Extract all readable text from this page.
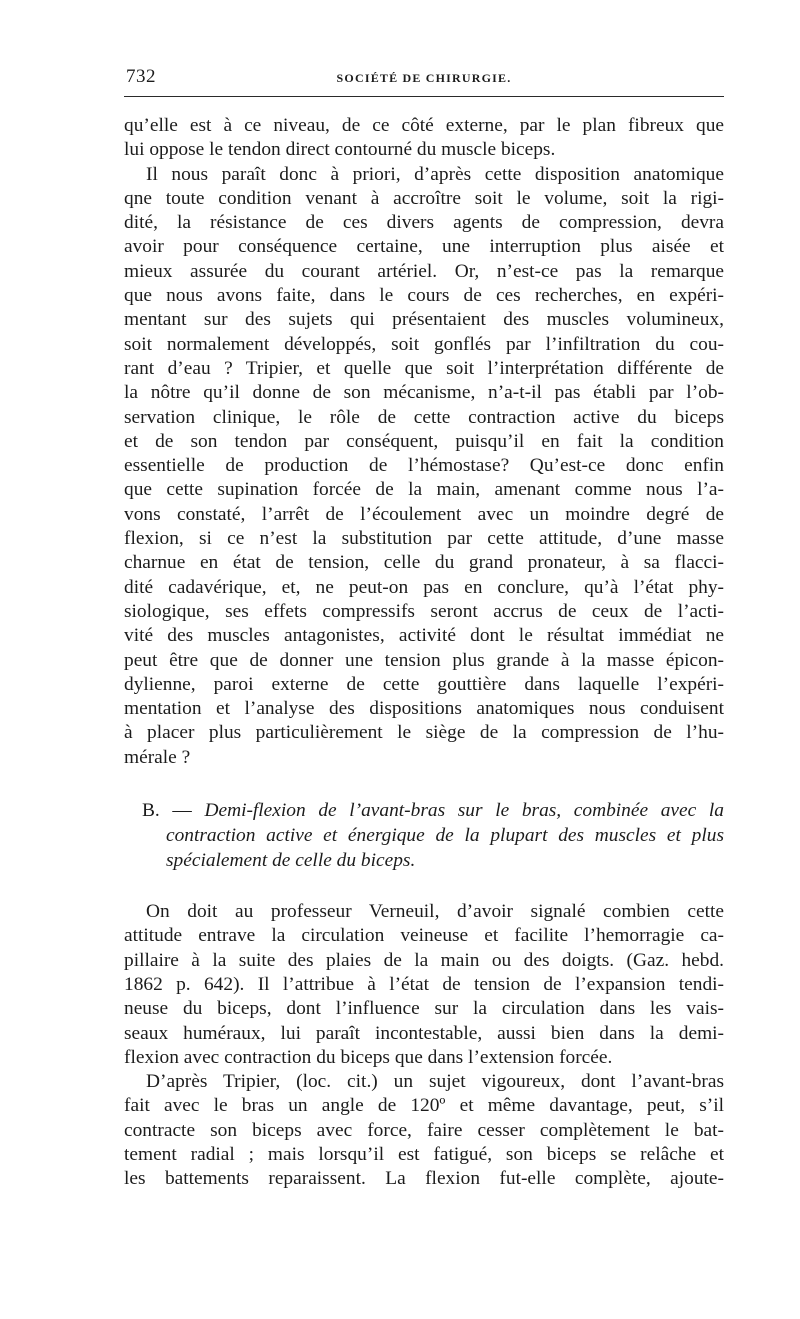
732	SOCIÉTÉ DE CHIRURGIE.
qu’elle est à ce niveau, de ce côté externe, par le plan fibreux que
lui oppose le tendon direct contourné du muscle biceps.
Il nous paraît donc à priori, d’après cette disposition anatomique
qne toute condition venant à accroître soit le volume, soit la rigi-
dité, la résistance de ces divers agents de compression, devra
avoir pour conséquence certaine, une interruption plus aisée et
mieux assurée du courant artériel. Or, n’est-ce pas la remarque
que nous avons faite, dans le cours de ces recherches, en expéri-
mentant sur des sujets qui présentaient des muscles volumineux,
soit normalement développés, soit gonflés par l’infiltration du cou-
rant d’eau ? Tripier, et quelle que soit l’interprétation différente de
la nôtre qu’il donne de son mécanisme, n’a-t-il pas établi par l’ob-
servation clinique, le rôle de cette contraction active du biceps
et de son tendon par conséquent, puisqu’il en fait la condition
essentielle de production de l’hémostase? Qu’est-ce donc enfin
que cette supination forcée de la main, amenant comme nous l’a-
vons constaté, l’arrêt de l’écoulement avec un moindre degré de
flexion, si ce n’est la substitution par cette attitude, d’une masse
charnue en état de tension, celle du grand pronateur, à sa flacci-
dité cadavérique, et, ne peut-on pas en conclure, qu’à l’état phy-
siologique, ses effets compressifs seront accrus de ceux de l’acti-
vité des muscles antagonistes, activité dont le résultat immédiat ne
peut être que de donner une tension plus grande à la masse épicon-
dylienne, paroi externe de cette gouttière dans laquelle l’expéri-
mentation et l’analyse des dispositions anatomiques nous conduisent
à placer plus particulièrement le siège de la compression de l’hu-
mérale ?
B. — Demi-flexion de l’avant-bras sur le bras, combinée avec la
contraction active et énergique de la plupart des muscles et plus
spécialement de celle du biceps.
On doit au professeur Verneuil, d’avoir signalé combien cette
attitude entrave la circulation veineuse et facilite l’hemorragie ca-
pillaire à la suite des plaies de la main ou des doigts. (Gaz. hebd.
1862 p. 642). Il l’attribue à l’état de tension de l’expansion tendi-
neuse du biceps, dont l’influence sur la circulation dans les vais-
seaux huméraux, lui paraît incontestable, aussi bien dans la demi-
flexion avec contraction du biceps que dans l’extension forcée.
D’après Tripier, (loc. cit.) un sujet vigoureux, dont l’avant-bras
fait avec le bras un angle de 120º et même davantage, peut, s’il
contracte son biceps avec force, faire cesser complètement le bat-
tement radial ; mais lorsqu’il est fatigué, son biceps se relâche et
les battements reparaissent. La flexion fut-elle complète, ajoute-
